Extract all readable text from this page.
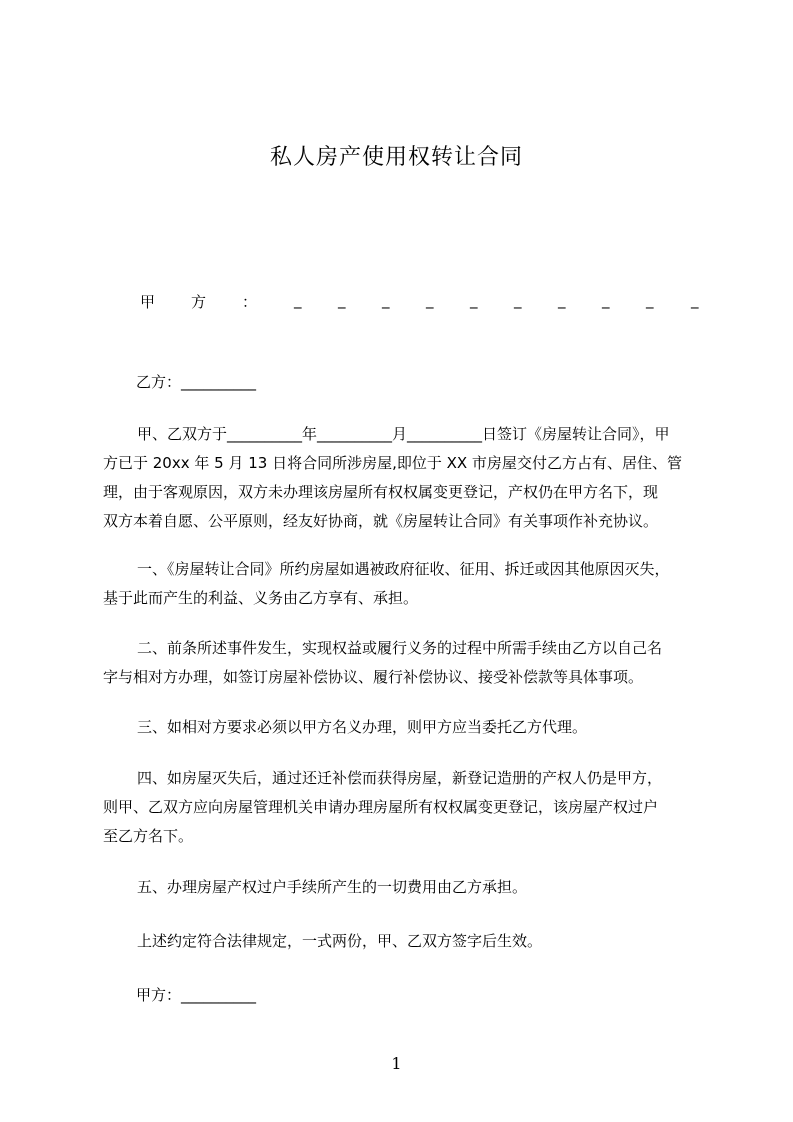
私人房产使用权转让合同
甲 方 ： _ _ _ _ _ _ _ _ _	_
乙方：__________
甲、乙双方于__________年__________月__________日签订《房屋转让合同》，甲
方已于 20xx 年 5 月 13 日将合同所涉房屋,即位于 XX 市房屋交付乙方占有、居住、管
理，由于客观原因，双方未办理该房屋所有权权属变更登记，产权仍在甲方名下，现
双方本着自愿、公平原则，经友好协商，就《房屋转让合同》有关事项作补充协议。
一、《房屋转让合同》所约房屋如遇被政府征收、征用、拆迁或因其他原因灭失，
基于此而产生的利益、义务由乙方享有、承担。
二、前条所述事件发生，实现权益或履行义务的过程中所需手续由乙方以自己名
字与相对方办理，如签订房屋补偿协议、履行补偿协议、接受补偿款等具体事项。
三、如相对方要求必须以甲方名义办理，则甲方应当委托乙方代理。
四、如房屋灭失后，通过还迁补偿而获得房屋，新登记造册的产权人仍是甲方，
则甲、乙双方应向房屋管理机关申请办理房屋所有权权属变更登记，该房屋产权过户
至乙方名下。
五、办理房屋产权过户手续所产生的一切费用由乙方承担。
上述约定符合法律规定，一式两份，甲、乙双方签字后生效。
甲方：__________
1
